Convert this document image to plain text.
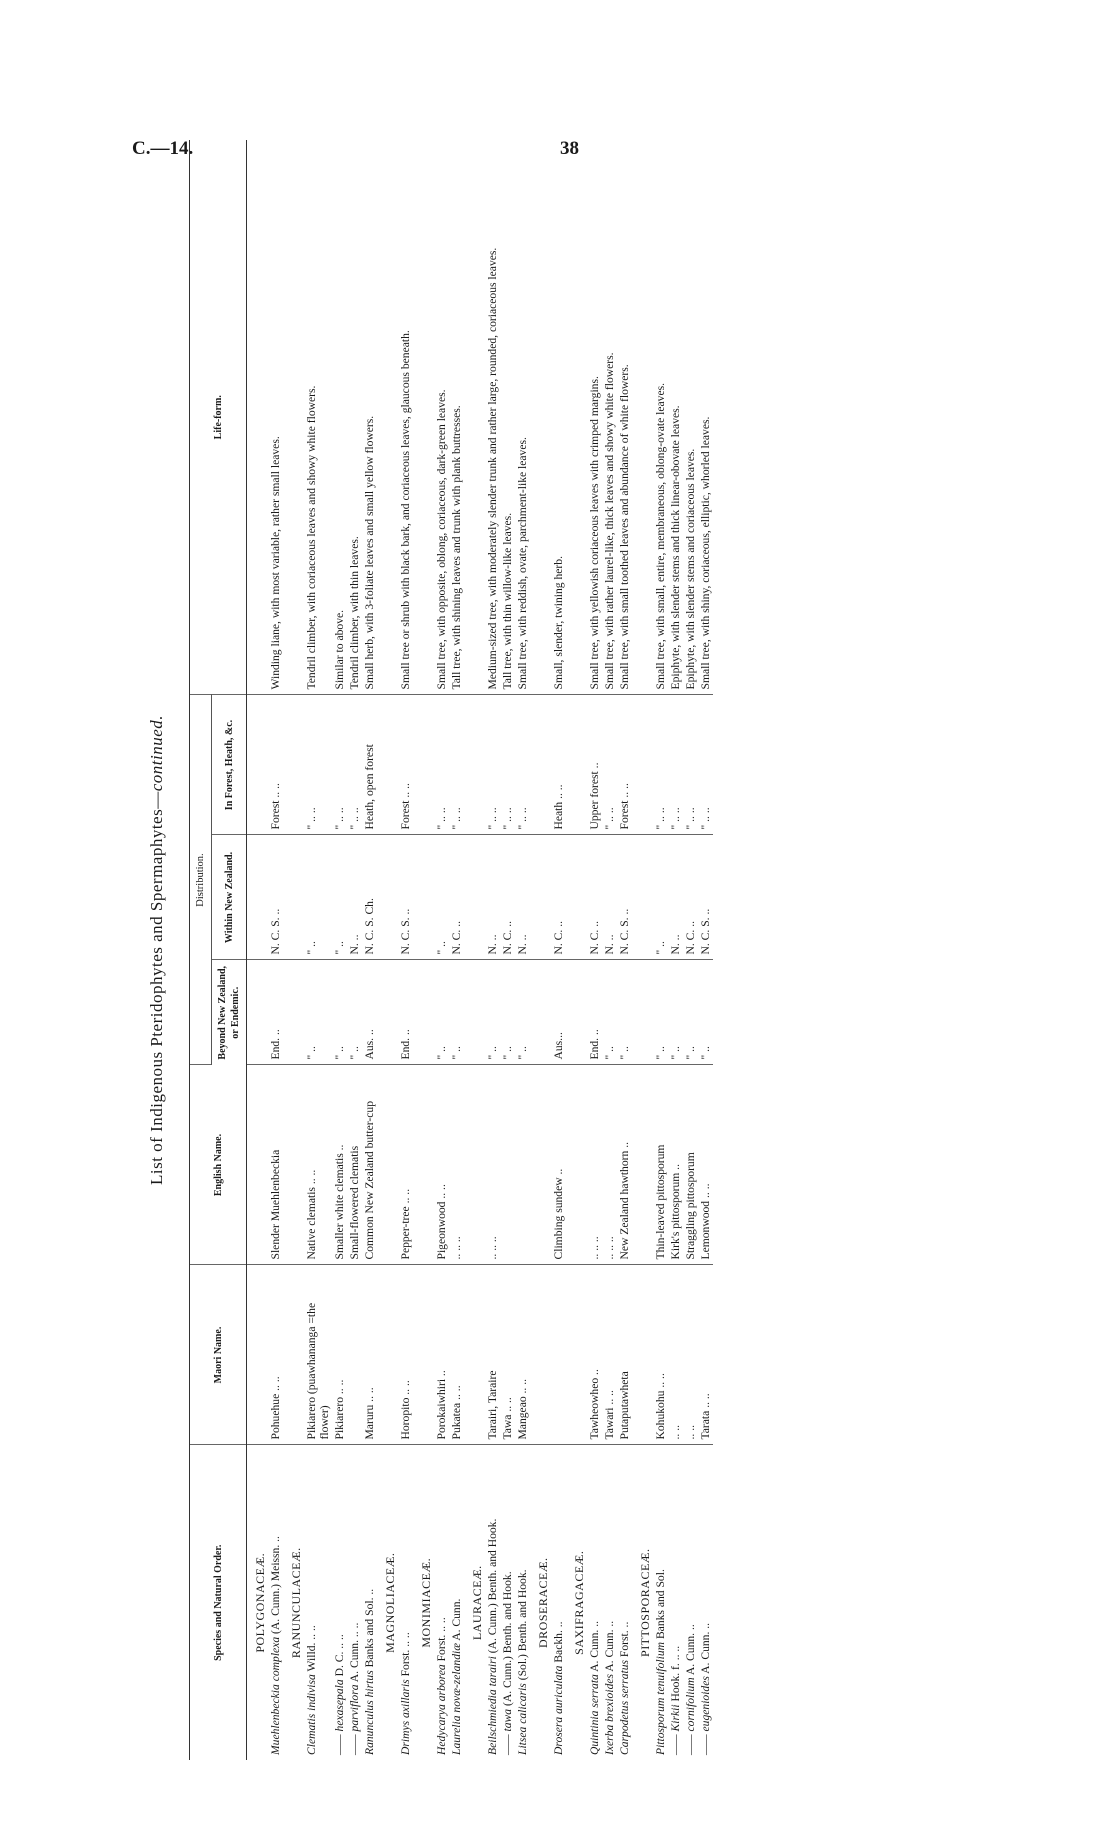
C.—14.	38
List of Indigenous Pteridophytes and Spermaphytes—continued.
Species and Natural Order.	Maori Name.	English Name.	Distribution.			Life-form.
			Beyond New Zealand, or Endemic.	Within New Zealand.	In Forest, Heath, &c.	
POLYGONACEÆ.						
Muehlenbeckia complexa (A. Cunn.) Meissn. ..	Pohuehue .. ..	Slender Muehlenbeckia	End. ..	N. C. S. ..	Forest .. ..	Winding liane, with most variable, rather small leaves.
RANUNCULACEÆ.						
Clematis indivisa Willd. .. ..	Pikiarero (puawhananga =the flower)	Native clematis .. ..	" ..	" ..	" .. ..	Tendril climber, with coriaceous leaves and showy white flowers.
—— hexasepala D. C. .. ..	Pikiarero .. ..	Smaller white clematis ..	" ..	" ..	" .. ..	Similar to above.
—— parviflora A. Cunn. .. ..		Small-flowered clematis	" ..	N. ..	" .. ..	Tendril climber, with thin leaves.
Ranunculus hirtus Banks and Sol. ..	Maruru .. ..	Common New Zealand butter-cup	Aus. ..	N. C. S. Ch.	Heath, open forest	Small herb, with 3-foliate leaves and small yellow flowers.
MAGNOLIACEÆ.						
Drimys axillaris Forst. .. ..	Horopito .. ..	Pepper-tree .. ..	End. ..	N. C. S. ..	Forest .. ..	Small tree or shrub with black bark, and coriaceous leaves, glaucous beneath.
MONIMIACEÆ.						
Hedycarya arborea Forst. .. ..	Porokaiwhiri ..	Pigeonwood .. ..	" ..	" ..	" .. ..	Small tree, with opposite, oblong, coriaceous, dark-green leaves.
Laurelia novæ-zelandiæ A. Cunn.	Pukatea .. ..	.. .. ..	" ..	N. C. ..	" .. ..	Tall tree, with shining leaves and trunk with plank buttresses.
LAURACEÆ.						
Beilschmiedia tarairi (A. Cunn.) Benth. and Hook.	Tarairi, Taraire	.. .. ..	" ..	N. ..	" .. ..	Medium-sized tree, with moderately slender trunk and rather large, rounded, coriaceous leaves.
—— tawa (A. Cunn.) Benth. and Hook.	Tawa .. ..		" ..	N. C. ..	" .. ..	Tall tree, with thin willow-like leaves.
Litsea calicaris (Sol.) Benth. and Hook.	Mangeao .. ..		" ..	N. ..	" .. ..	Small tree, with reddish, ovate, parchment-like leaves.
DROSERACEÆ.						
Drosera auriculata Backh. ..		Climbing sundew ..	Aus...	N. C. ..	Heath .. ..	Small, slender, twining herb.
SAXIFRAGACEÆ.						
Quintinia serrata A. Cunn. ..	Tawheowheo ..	.. .. ..	End. ..	N. C. ..	Upper forest ..	Small tree, with yellowish coriaceous leaves with crimped margins.
Ixerba brexioides A. Cunn. ..	Tawari .. ..	.. .. ..	" ..	N. ..	" .. ..	Small tree, with rather laurel-like, thick leaves and showy white flowers.
Carpodetus serratus Forst. ..	Putaputawheta	New Zealand hawthorn ..	" ..	N. C. S. ..	Forest .. ..	Small tree, with small toothed leaves and abundance of white flowers.
PITTOSPORACEÆ.						
Pittosporum tenuifolium Banks and Sol.	Kohukohu .. ..	Thin-leaved pittosporum	" ..	" ..	" .. ..	Small tree, with small, entire, membraneous, oblong-ovate leaves.
—— Kirkii Hook. f. .. ..	.. ..	Kirk's pittosporum ..	" ..	N. ..	" .. ..	Epiphyte, with slender stems and thick linear-obovate leaves.
—— cornifolium A. Cunn. ..	.. ..	Straggling pittosporum	" ..	N. C. ..	" .. ..	Epiphyte, with slender stems and coriaceous leaves.
—— eugenioides A. Cunn. ..	Tarata .. ..	Lemonwood .. ..	" ..	N. C. S. ..	" .. ..	Small tree, with shiny, coriaceous, elliptic, whorled leaves.
